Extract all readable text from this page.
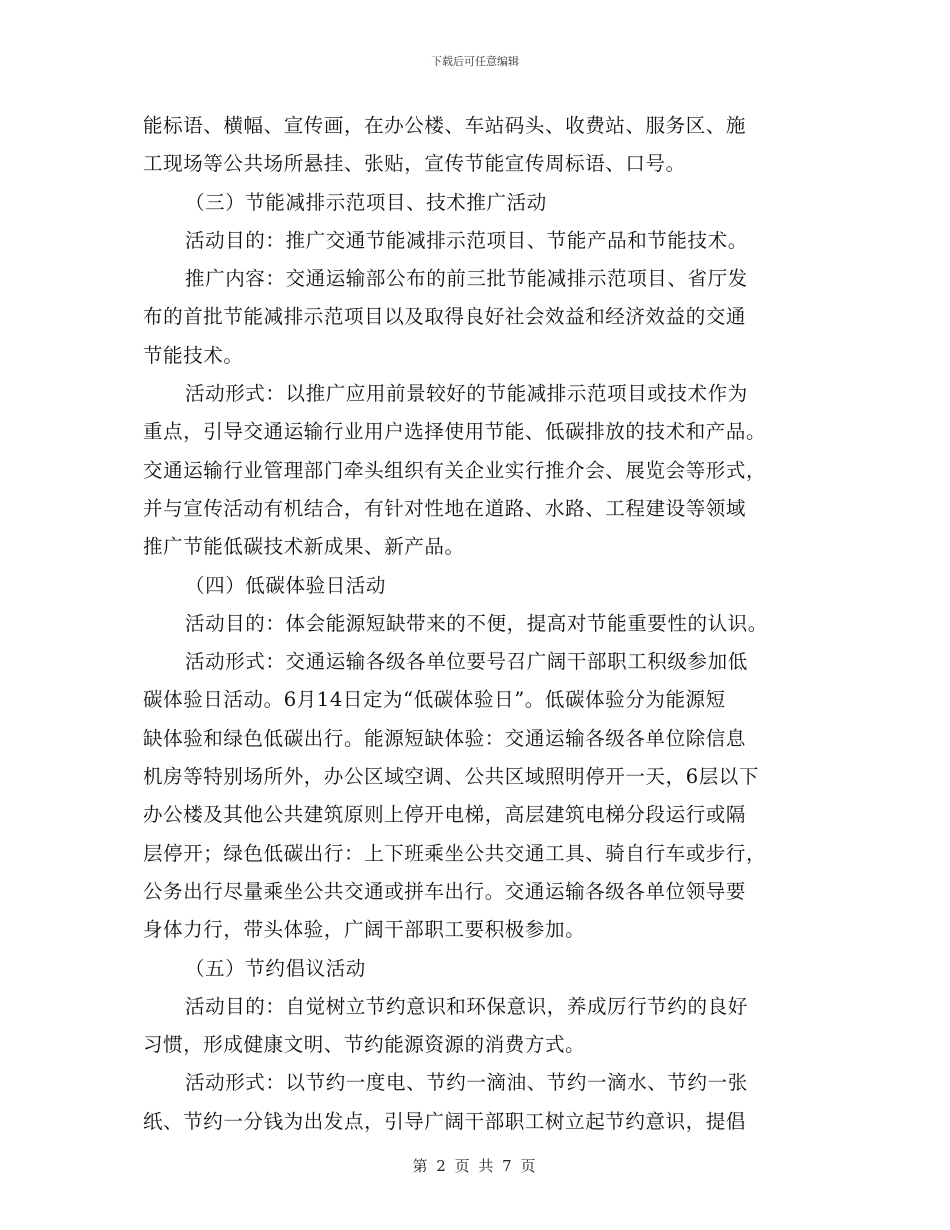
下载后可任意编辑
能标语、横幅、宣传画，在办公楼、车站码头、收费站、服务区、施
工现场等公共场所悬挂、张贴，宣传节能宣传周标语、口号。
（三）节能减排示范项目、技术推广活动
活动目的：推广交通节能减排示范项目、节能产品和节能技术。
推广内容：交通运输部公布的前三批节能减排示范项目、省厅发
布的首批节能减排示范项目以及取得良好社会效益和经济效益的交通
节能技术。
活动形式：以推广应用前景较好的节能减排示范项目或技术作为
重点，引导交通运输行业用户选择使用节能、低碳排放的技术和产品。
交通运输行业管理部门牵头组织有关企业实行推介会、展览会等形式，
并与宣传活动有机结合，有针对性地在道路、水路、工程建设等领域
推广节能低碳技术新成果、新产品。
（四）低碳体验日活动
活动目的：体会能源短缺带来的不便，提高对节能重要性的认识。
活动形式：交通运输各级各单位要号召广阔干部职工积级参加低
碳体验日活动。6月14日定为“低碳体验日”。低碳体验分为能源短
缺体验和绿色低碳出行。能源短缺体验：交通运输各级各单位除信息
机房等特别场所外，办公区域空调、公共区域照明停开一天，6层以下
办公楼及其他公共建筑原则上停开电梯，高层建筑电梯分段运行或隔
层停开；绿色低碳出行：上下班乘坐公共交通工具、骑自行车或步行，
公务出行尽量乘坐公共交通或拼车出行。交通运输各级各单位领导要
身体力行，带头体验，广阔干部职工要积极参加。
（五）节约倡议活动
活动目的：自觉树立节约意识和环保意识，养成厉行节约的良好
习惯，形成健康文明、节约能源资源的消费方式。
活动形式：以节约一度电、节约一滴油、节约一滴水、节约一张
纸、节约一分钱为出发点，引导广阔干部职工树立起节约意识，提倡
第 2 页 共 7 页
